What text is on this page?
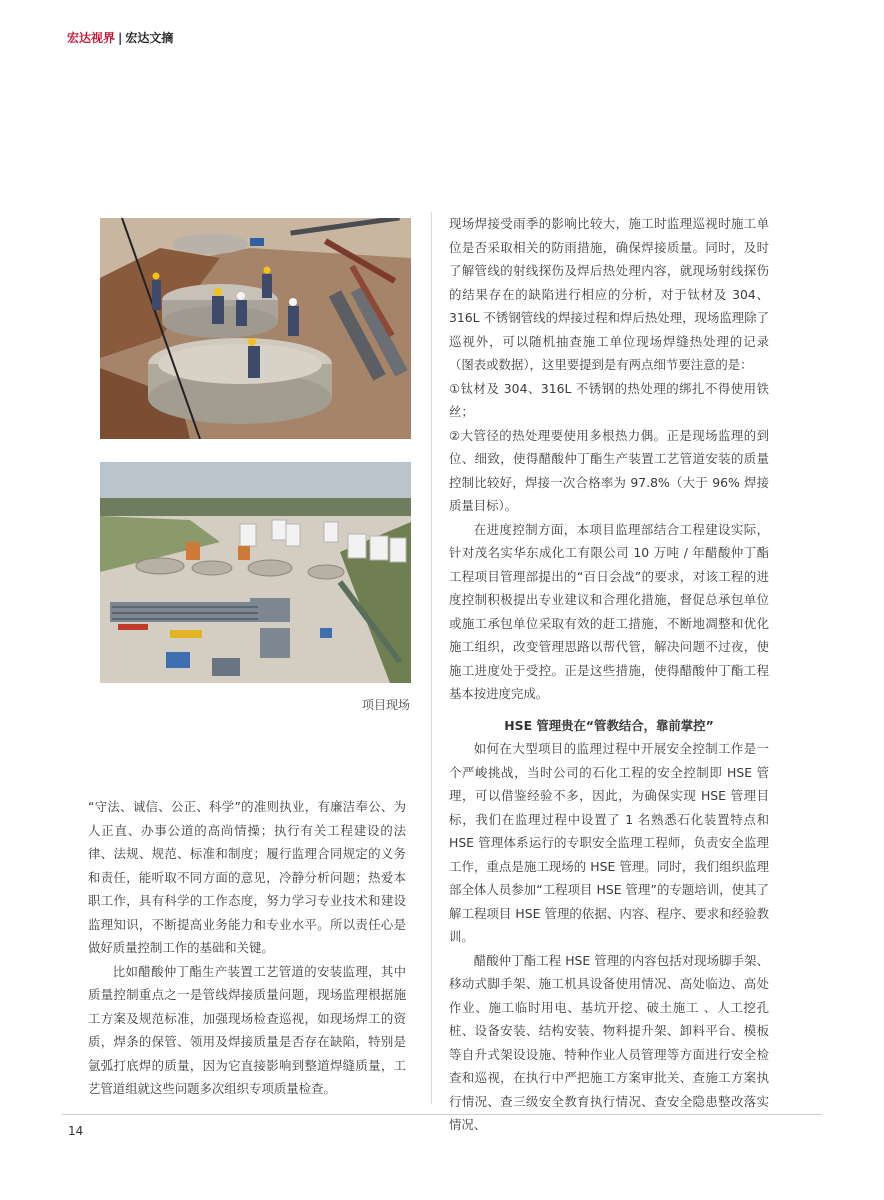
宏达视界 | 宏达文摘
项目现场

“守法、诚信、公正、科学”的准则执业，有廉洁奉公、为人正直、办事公道的高尚情操；执行有关工程建设的法律、法规、规范、标准和制度；履行监理合同规定的义务和责任，能听取不同方面的意见，冷静分析问题；热爱本职工作，具有科学的工作态度，努力学习专业技术和建设监理知识，不断提高业务能力和专业水平。所以责任心是做好质量控制工作的基础和关键。

比如醋酸仲丁酯生产装置工艺管道的安装监理，其中质量控制重点之一是管线焊接质量问题，现场监理根据施工方案及规范标准，加强现场检查巡视，如现场焊工的资质，焊条的保管、领用及焊接质量是否存在缺陷，特别是氩弧打底焊的质量，因为它直接影响到整道焊缝质量，工艺管道组就这些问题多次组织专项质量检查。

现场焊接受雨季的影响比较大，施工时监理巡视时施工单位是否采取相关的防雨措施，确保焊接质量。同时，及时了解管线的射线探伤及焊后热处理内容，就现场射线探伤的结果存在的缺陷进行相应的分析，对于钛材及 304、316L 不锈钢管线的焊接过程和焊后热处理，现场监理除了巡视外，可以随机抽查施工单位现场焊缝热处理的记录（图表或数据），这里要提到是有两点细节要注意的是：

①钛材及 304、316L 不锈钢的热处理的绑扎不得使用铁丝；

②大管径的热处理要使用多根热力偶。正是现场监理的到位、细致，使得醋酸仲丁酯生产装置工艺管道安装的质量控制比较好，焊接一次合格率为 97.8%（大于 96% 焊接质量目标）。

在进度控制方面，本项目监理部结合工程建设实际，针对茂名实华东成化工有限公司 10 万吨 / 年醋酸仲丁酯工程项目管理部提出的“百日会战”的要求，对该工程的进度控制积极提出专业建议和合理化措施，督促总承包单位或施工承包单位采取有效的赶工措施，不断地凋整和优化施工组织，改变管理思路以帮代管，解决问题不过夜，使施工进度处于受控。正是这些措施，使得醋酸仲丁酯工程基本按进度完成。

HSE 管理贵在“管教结合，靠前掌控”

如何在大型项目的监理过程中开展安全控制工作是一个严峻挑战，当时公司的石化工程的安全控制即 HSE 管理，可以借鉴经验不多，因此，为确保实现 HSE 管理目标，我们在监理过程中设置了 1 名熟悉石化装置特点和 HSE 管理体系运行的专职安全监理工程师，负责安全监理工作，重点是施工现场的 HSE 管理。同时，我们组织监理部全体人员参加“工程项目 HSE 管理”的专题培训，使其了解工程项目 HSE 管理的依据、内容、程序、要求和经验教训。

醋酸仲丁酯工程 HSE 管理的内容包括对现场脚手架、移动式脚手架、施工机具设备使用情况、高处临边、高处作业、施工临时用电、基坑开挖、破土施工 、人工挖孔桩、设备安装、结构安装、物料提升架、卸料平台、模板等自升式架设设施、特种作业人员管理等方面进行安全检查和巡视，在执行中严把施工方案审批关、查施工方案执行情况、查三级安全教育执行情况、查安全隐患整改落实情况、

14
